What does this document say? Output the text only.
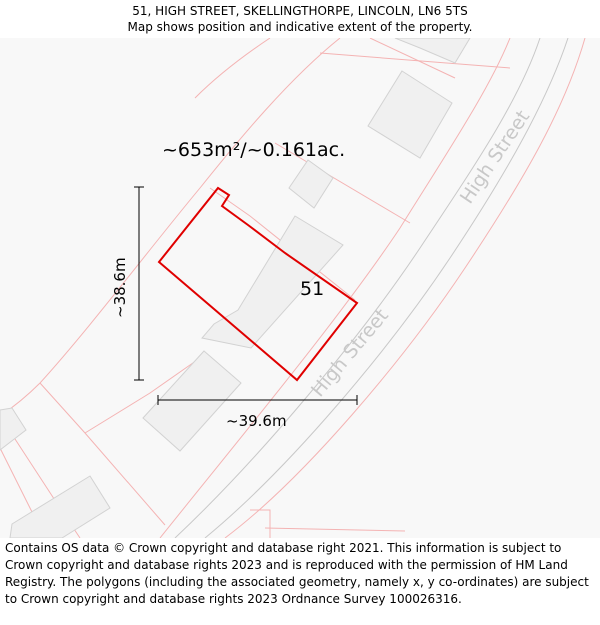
51, HIGH STREET, SKELLINGTHORPE, LINCOLN, LN6 5TS
Map shows position and indicative extent of the property.
High Street
High Street
~653m²/~0.161ac.
51
~38.6m
~39.6m
Contains OS data © Crown copyright and database right 2021. This information is subject to Crown copyright and database rights 2023 and is reproduced with the permission of HM Land Registry. The polygons (including the associated geometry, namely x, y co-ordinates) are subject to Crown copyright and database rights 2023 Ordnance Survey 100026316.
